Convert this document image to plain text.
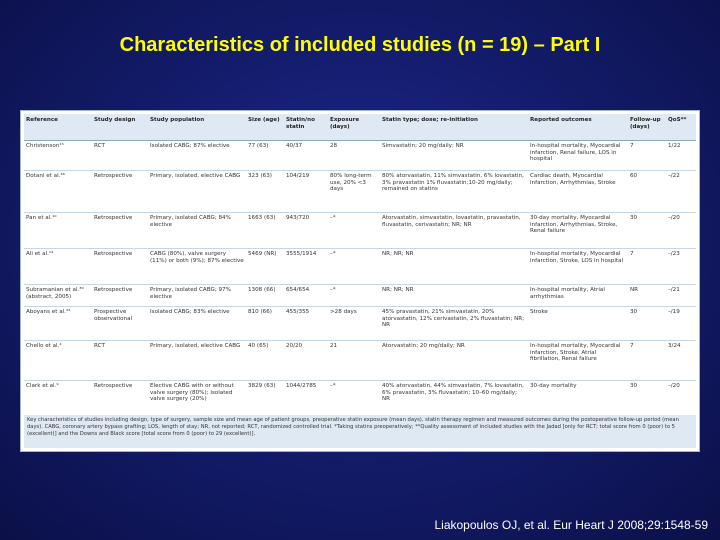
Characteristics of included studies (n = 19) – Part I
Reference	Study design	Study population	Size (age)	Statin/no statin	Exposure (days)	Statin type; dose; re-initiation	Reported outcomes	Follow-up (days)	QoS**
Christenson¹⁵	RCT	Isolated CABG; 87% elective	77 (63)	40/37	28	Simvastatin; 20 mg/daily; NR	In-hospital mortality, Myocardial infarction, Renal failure, LOS in hospital	7	1/22
Dotani et al.⁴⁶	Retrospective	Primary, isolated, elective CABG	323 (63)	104/219	80% long-term use, 20% <3 days	80% atorvastatin, 11% simvastatin, 6% lovastatin, 3% pravastatin 1% fluvastatin;10-20 mg/daily; remained on statins	Cardiac death, Myocardial infarction, Arrhythmias, Stroke	60	–/22
Pan et al.¹⁰	Retrospective	Primary, isolated CABG; 84% elective	1663 (63)	943/720	–*	Atorvastatin, simvastatin, lovastatin, pravastatin, fluvastatin, cerivastatin; NR; NR	30-day mortality, Myocardial infarction, Arrhythmias, Stroke, Renal failure	30	–/20
Ali et al.¹⁴	Retrospective	CABG (80%), valve surgery (11%) or both (9%); 87% elective	5469 (NR)	3555/1914	–*	NR; NR; NR	In-hospital mortality, Myocardial infarction, Stroke, LOS in hospital	7	–/23
Subramanian et al.³⁰ (abstract, 2005)	Retrospective	Primary, isolated CABG; 97% elective	1308 (66)	654/654	–*	NR; NR; NR	In-hospital mortality, Atrial arrhythmias	NR	–/21
Aboyans et al.⁴³	Prospective observational	Isolated CABG; 83% elective	810 (66)	455/355	>28 days	45% pravastatin, 21% simvastatin, 20% atorvastatin, 12% cerivastatin, 2% fluvastatin; NR; NR	Stroke	30	–/19
Chello et al.⁴	RCT	Primary, isolated, elective CABG	40 (65)	20/20	21	Atorvastatin; 20 mg/daily; NR	In-hospital mortality, Myocardial infarction, Stroke, Atrial fibrillation, Renal failure	7	3/24
Clark et al.⁹	Retrospective	Elective CABG with or without valve surgery (80%); isolated valve surgery (20%)	3829 (63)	1044/2785	–*	40% atorvastatin, 44% simvastatin, 7% lovastatin, 6% pravastatin, 3% fluvastatin; 10–60 mg/daily; NR	30-day mortality	30	–/20
Key characteristics of studies including design, type of surgery, sample size and mean age of patient groups, preoperative statin exposure (mean days), statin therapy regimen and measured outcomes during the postoperative follow-up period (mean days). CABG, coronary artery bypass grafting; LOS, length of stay; NR, not reported; RCT, randomized controlled trial. *Taking statins preoperatively; **Quality assessment of included studies with the Jadad [only for RCT; total score from 0 (poor) to 5 (excellent)] and the Downs and Black score [total score from 0 (poor) to 29 (excellent)].
Liakopoulos OJ, et al. Eur Heart J 2008;29:1548-59
